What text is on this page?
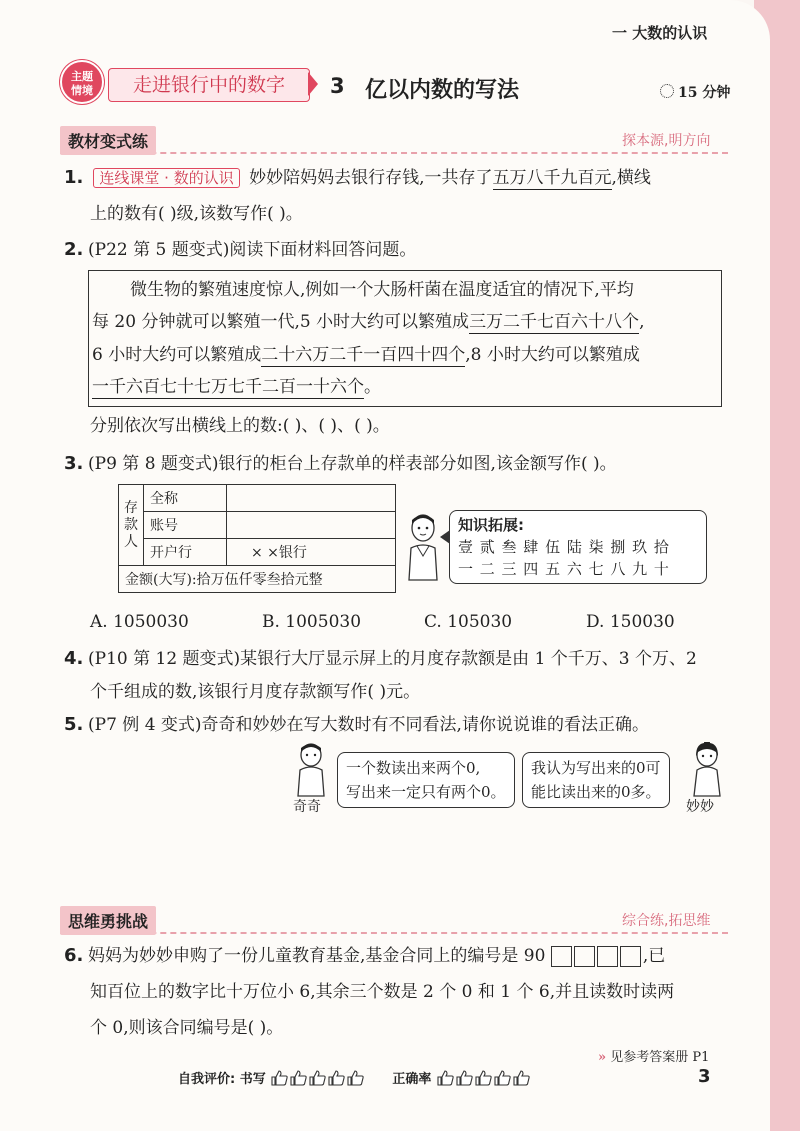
一 大数的认识
主题情境	走进银行中的数字	3 亿以内数的写法	15 分钟
教材变式练	探本源,明方向
1. 连线课堂 · 数的认识 妙妙陪妈妈去银行存钱,一共存了五万八千九百元,横线
上的数有( )级,该数写作( )。
2. (P22 第 5 题变式)阅读下面材料回答问题。
微生物的繁殖速度惊人,例如一个大肠杆菌在温度适宜的情况下,平均
每 20 分钟就可以繁殖一代,5 小时大约可以繁殖成三万二千七百六十八个,
6 小时大约可以繁殖成二十六万二千一百四十四个,8 小时大约可以繁殖成
一千六百七十七万七千二百一十六个。
分别依次写出横线上的数:( )、( )、( )。
3. (P9 第 8 题变式)银行的柜台上存款单的样表部分如图,该金额写作( )。
存款人	全称	
	账号	
	开户行	× ×银行
金额(大写):拾万伍仟零叁拾元整		
知识拓展:
壹 贰 叁 肆 伍 陆 柒 捌 玖 拾
一 二 三 四 五 六 七 八 九 十
A. 1050030	B. 1005030	C. 105030	D. 150030
4. (P10 第 12 题变式)某银行大厅显示屏上的月度存款额是由 1 个千万、3 个万、2
个千组成的数,该银行月度存款额写作( )元。
5. (P7 例 4 变式)奇奇和妙妙在写大数时有不同看法,请你说说谁的看法正确。
奇奇
一个数读出来两个0,
写出来一定只有两个0。
我认为写出来的0可
能比读出来的0多。
妙妙
思维勇挑战	综合练,拓思维
6. 妈妈为妙妙申购了一份儿童教育基金,基金合同上的编号是 90	,已
知百位上的数字比十万位小 6,其余三个数是 2 个 0 和 1 个 6,并且读数时读两
个 0,则该合同编号是( )。
» 见参考答案册 P1
自我评价: 书写	正确率	3
